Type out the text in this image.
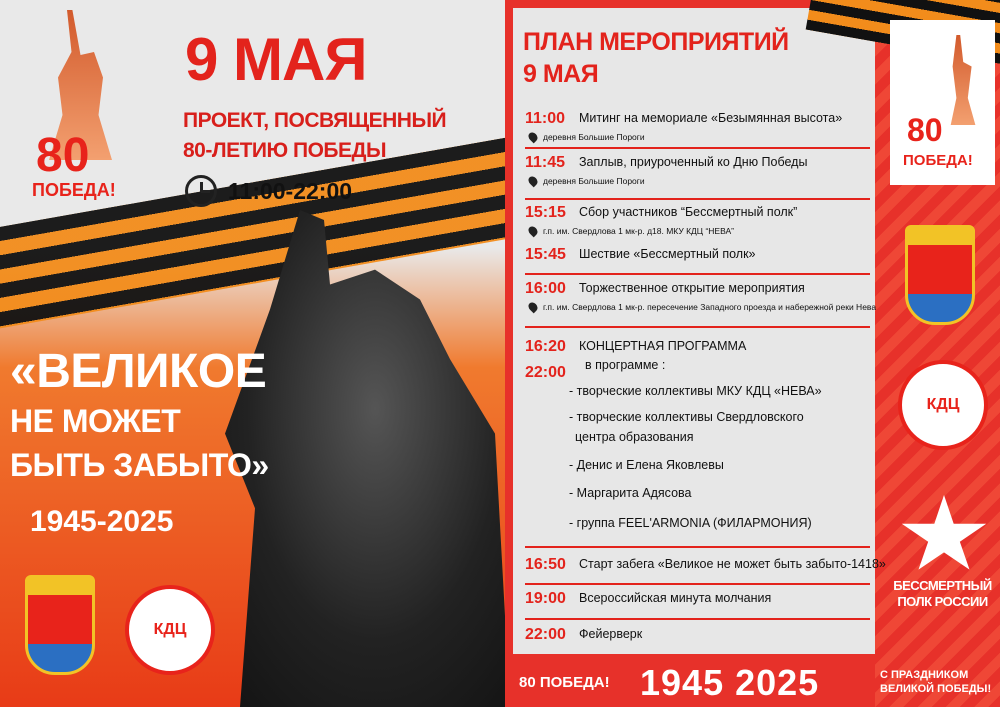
80
ПОБЕДА!
9 МАЯ
ПРОЕКТ, ПОСВЯЩЕННЫЙ
80-ЛЕТИЮ ПОБЕДЫ
11:00-22:00
«ВЕЛИКОЕ
НЕ МОЖЕТ
БЫТЬ ЗАБЫТО»
1945-2025
КДЦ
ПЛАН МЕРОПРИЯТИЙ
9 МАЯ
11:00 Митинг на мемориале «Безымянная высота»
деревня Большие Пороги
11:45 Заплыв, приуроченный ко Дню Победы
деревня Большие Пороги
15:15 Сбор участников “Бессмертный полк”
г.п. им. Свердлова 1 мк-р. д18. МКУ КДЦ “НЕВА”
15:45 Шествие «Бессмертный полк»
16:00 Торжественное открытие мероприятия
г.п. им. Свердлова 1 мк-р. пересечение Западного проезда и набережной реки Нева
16:20
22:00
КОНЦЕРТНАЯ ПРОГРАММА
в программе :
- творческие коллективы МКУ КДЦ «НЕВА»
- творческие коллективы Свердловского
центра образования
- Денис и Елена Яковлевы
- Маргарита Адясова
- группа FEEL'ARMONIA (ФИЛАРМОНИЯ)
16:50 Старт забега «Великое не может быть забыто-1418»
19:00 Всероссийская минута молчания
22:00 Фейерверк
80
ПОБЕДА!
КДЦ
БЕССМЕРТНЫЙ
ПОЛК РОССИИ
80 ПОБЕДА! 1945 2025	С ПРАЗДНИКОМ
ВЕЛИКОЙ ПОБЕДЫ!
